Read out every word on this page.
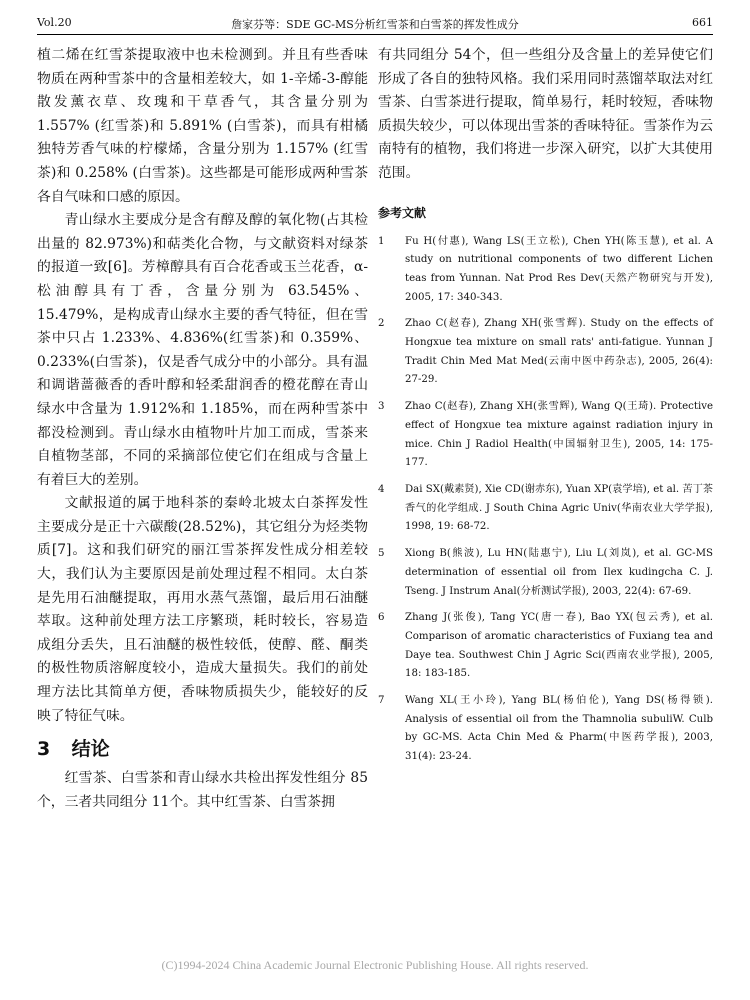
Vol.20	詹家芬等：SDE GC-MS分析红雪茶和白雪茶的挥发性成分	661

植二烯在红雪茶提取液中也未检测到。并且有些香味物质在两种雪茶中的含量相差较大，如 1-辛烯-3-醇能散发薰衣草、玫瑰和干草香气，其含量分别为 1.557% (红雪茶)和 5.891% (白雪茶)，而具有柑橘独特芳香气味的柠檬烯，含量分别为 1.157% (红雪茶)和 0.258% (白雪茶)。这些都是可能形成两种雪茶各自气味和口感的原因。

青山绿水主要成分是含有醇及醇的氧化物(占其检出量的 82.973%)和萜类化合物，与文献资料对绿茶的报道一致[6]。芳樟醇具有百合花香或玉兰花香，α-松油醇具有丁香，含量分别为 63.545%、15.479%，是构成青山绿水主要的香气特征，但在雪茶中只占 1.233%、4.836%(红雪茶)和 0.359%、0.233%(白雪茶)，仅是香气成分中的小部分。具有温和调谐蔷薇香的香叶醇和轻柔甜润香的橙花醇在青山绿水中含量为 1.912%和 1.185%，而在两种雪茶中都没检测到。青山绿水由植物叶片加工而成，雪茶来自植物茎部，不同的采摘部位使它们在组成与含量上有着巨大的差别。

文献报道的属于地科茶的秦岭北坡太白茶挥发性主要成分是正十六碳酸(28.52%)，其它组分为烃类物质[7]。这和我们研究的丽江雪茶挥发性成分相差较大，我们认为主要原因是前处理过程不相同。太白茶是先用石油醚提取，再用水蒸气蒸馏，最后用石油醚萃取。这种前处理方法工序繁琐，耗时较长，容易造成组分丢失，且石油醚的极性较低，使醇、醛、酮类的极性物质溶解度较小，造成大量损失。我们的前处理方法比其简单方便，香味物质损失少，能较好的反映了特征气味。

3 结论

红雪茶、白雪茶和青山绿水共检出挥发性组分 85个，三者共同组分 11个。其中红雪茶、白雪茶拥

有共同组分 54个，但一些组分及含量上的差异使它们形成了各自的独特风格。我们采用同时蒸馏萃取法对红雪茶、白雪茶进行提取，简单易行，耗时较短，香味物质损失较少，可以体现出雪茶的香味特征。雪茶作为云南特有的植物，我们将进一步深入研究，以扩大其使用范围。

参考文献
1	Fu H(付惠), Wang LS(王立松), Chen YH(陈玉慧), et al. A study on nutritional components of two different Lichen teas from Yunnan. Nat Prod Res Dev(天然产物研究与开发), 2005, 17: 340-343.
2	Zhao C(赵春), Zhang XH(张雪辉). Study on the effects of Hongxue tea mixture on small rats' anti-fatigue. Yunnan J Tradit Chin Med Mat Med(云南中医中药杂志), 2005, 26(4): 27-29.
3	Zhao C(赵春), Zhang XH(张雪辉), Wang Q(王琦). Protective effect of Hongxue tea mixture against radiation injury in mice. Chin J Radiol Health(中国辐射卫生), 2005, 14: 175-177.
4	Dai SX(戴素贤), Xie CD(谢赤东), Yuan XP(袁学培), et al. 苦丁茶香气的化学组成. J South China Agric Univ(华南农业大学学报), 1998, 19: 68-72.
5	Xiong B(熊波), Lu HN(陆惠宁), Liu L(刘岚), et al. GC-MS determination of essential oil from Ilex kudingcha C. J. Tseng. J Instrum Anal(分析测试学报), 2003, 22(4): 67-69.
6	Zhang J(张俊), Tang YC(唐一春), Bao YX(包云秀), et al. Comparison of aromatic characteristics of Fuxiang tea and Daye tea. Southwest Chin J Agric Sci(西南农业学报), 2005, 18: 183-185.
7	Wang XL(王小玲), Yang BL(杨伯伦), Yang DS(杨得锁). Analysis of essential oil from the Thamnolia subuliW. Culb by GC-MS. Acta Chin Med & Pharm(中医药学报), 2003, 31(4): 23-24.
(C)1994-2024 China Academic Journal Electronic Publishing House. All rights reserved.
